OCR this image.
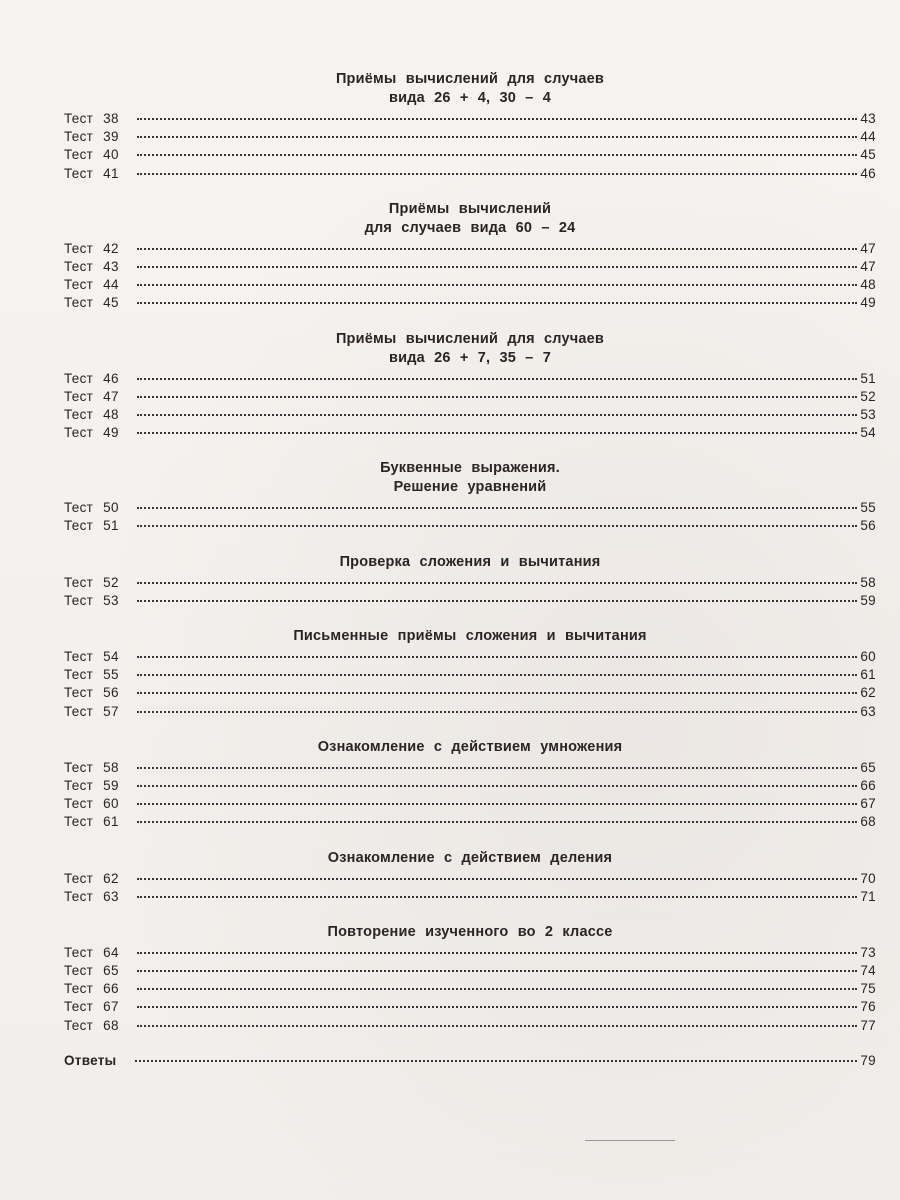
Приёмы вычислений для случаев
вида 26 + 4, 30 – 4
Тест 38	43
Тест 39	44
Тест 40	45
Тест 41	46
Приёмы вычислений
для случаев вида 60 – 24
Тест 42	47
Тест 43	47
Тест 44	48
Тест 45	49
Приёмы вычислений для случаев
вида 26 + 7, 35 – 7
Тест 46	51
Тест 47	52
Тест 48	53
Тест 49	54
Буквенные выражения.
Решение уравнений
Тест 50	55
Тест 51	56
Проверка сложения и вычитания
Тест 52	58
Тест 53	59
Письменные приёмы сложения и вычитания
Тест 54	60
Тест 55	61
Тест 56	62
Тест 57	63
Ознакомление с действием умножения
Тест 58	65
Тест 59	66
Тест 60	67
Тест 61	68
Ознакомление с действием деления
Тест 62	70
Тест 63	71
Повторение изученного во 2 классе
Тест 64	73
Тест 65	74
Тест 66	75
Тест 67	76
Тест 68	77
Ответы	79
